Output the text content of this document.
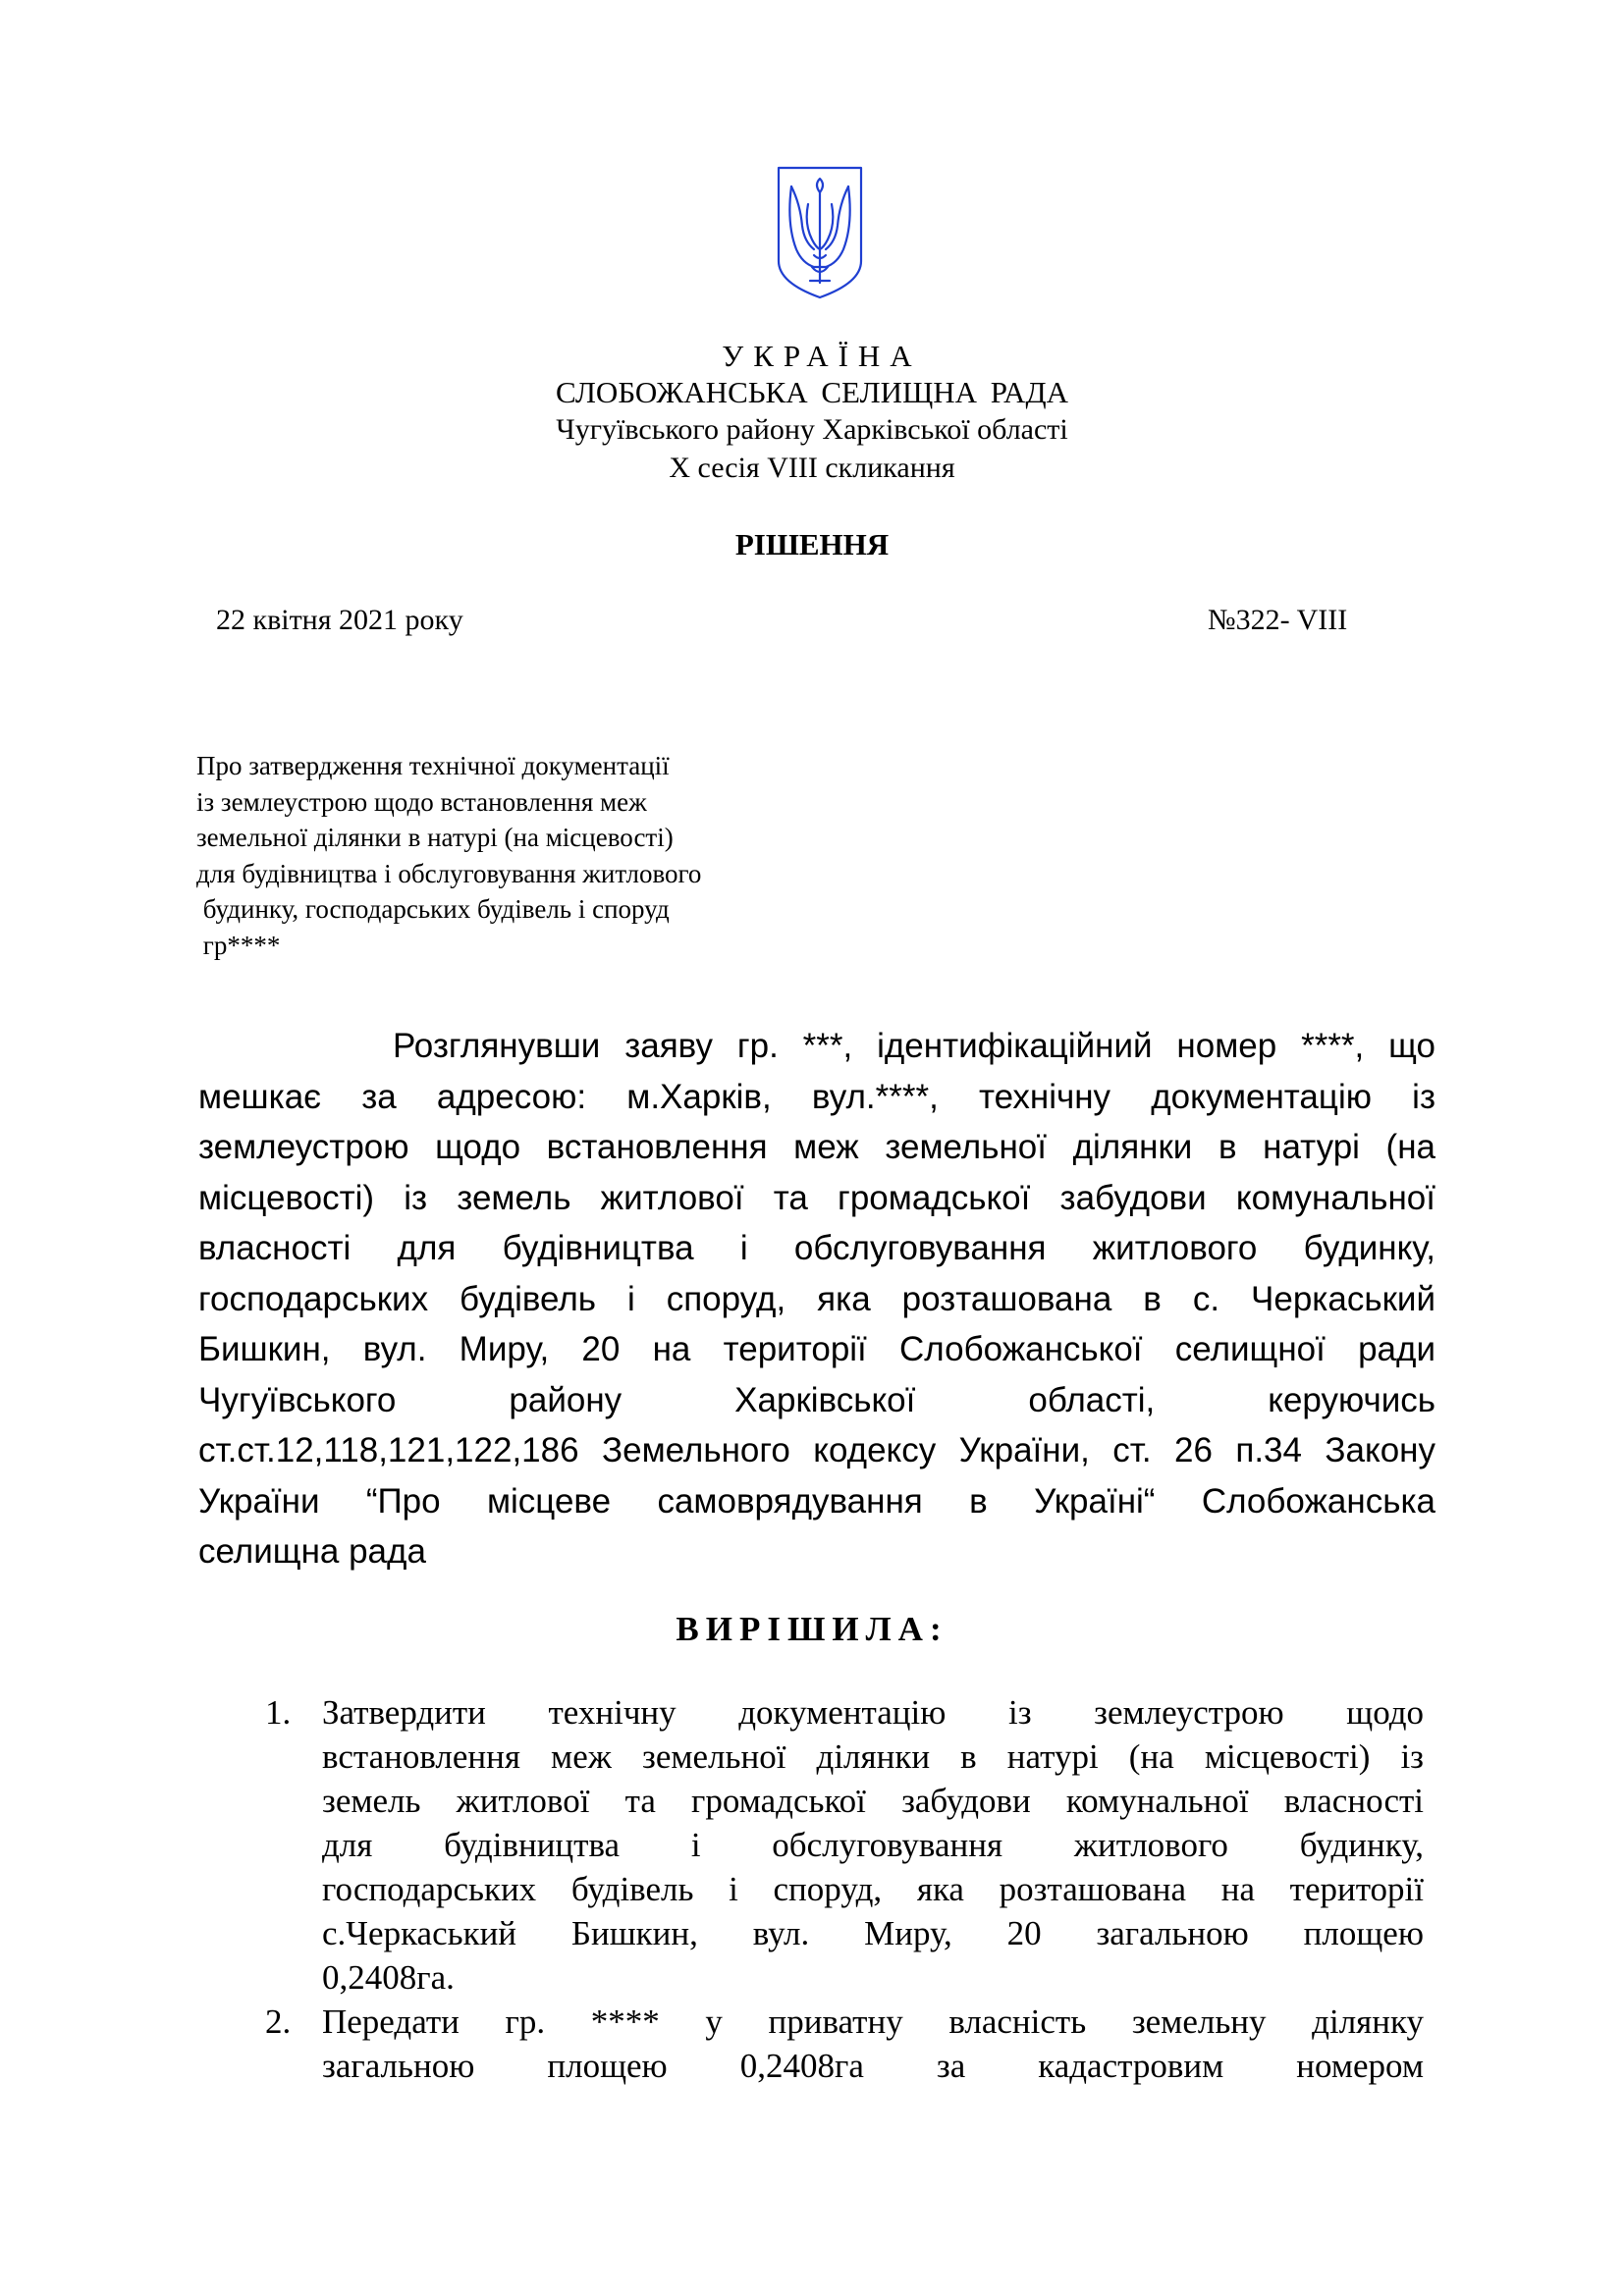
УКРАЇНА
СЛОБОЖАНСЬКА СЕЛИЩНА РАДА
Чугуївського району Харківської області
X сесія VIII скликання
РІШЕННЯ
22 квітня 2021 року	№322- VIII
Про затвердження технічної документації
із землеустрою щодо встановлення меж
земельної ділянки в натурі (на місцевості)
для будівництва і обслуговування житлового
будинку, господарських будівель і споруд
гр****
Розглянувши заяву гр. ***, ідентифікаційний номер ****, що
мешкає за адресою: м.Харків, вул.****, технічну документацію із
землеустрою щодо встановлення меж земельної ділянки в натурі (на
місцевості) із земель житлової та громадської забудови комунальної
власності для будівництва і обслуговування житлового будинку,
господарських будівель і споруд, яка розташована в с. Черкаський
Бишкин, вул. Миру, 20 на території Слобожанської селищної ради
Чугуївського району Харківської області, керуючись
ст.ст.12,118,121,122,186 Земельного кодексу України, ст. 26 п.34 Закону
України “Про місцеве самоврядування в Україні“ Слобожанська
селищна рада
ВИРІШИЛА:
1. Затвердити технічну документацію із землеустрою щодо
встановлення меж земельної ділянки в натурі (на місцевості) із
земель житлової та громадської забудови комунальної власності
для будівництва і обслуговування житлового будинку,
господарських будівель і споруд, яка розташована на території
с.Черкаський Бишкин, вул. Миру, 20 загальною площею
0,2408га.
2. Передати гр. **** у приватну власність земельну ділянку
загальною площею 0,2408га за кадастровим номером
